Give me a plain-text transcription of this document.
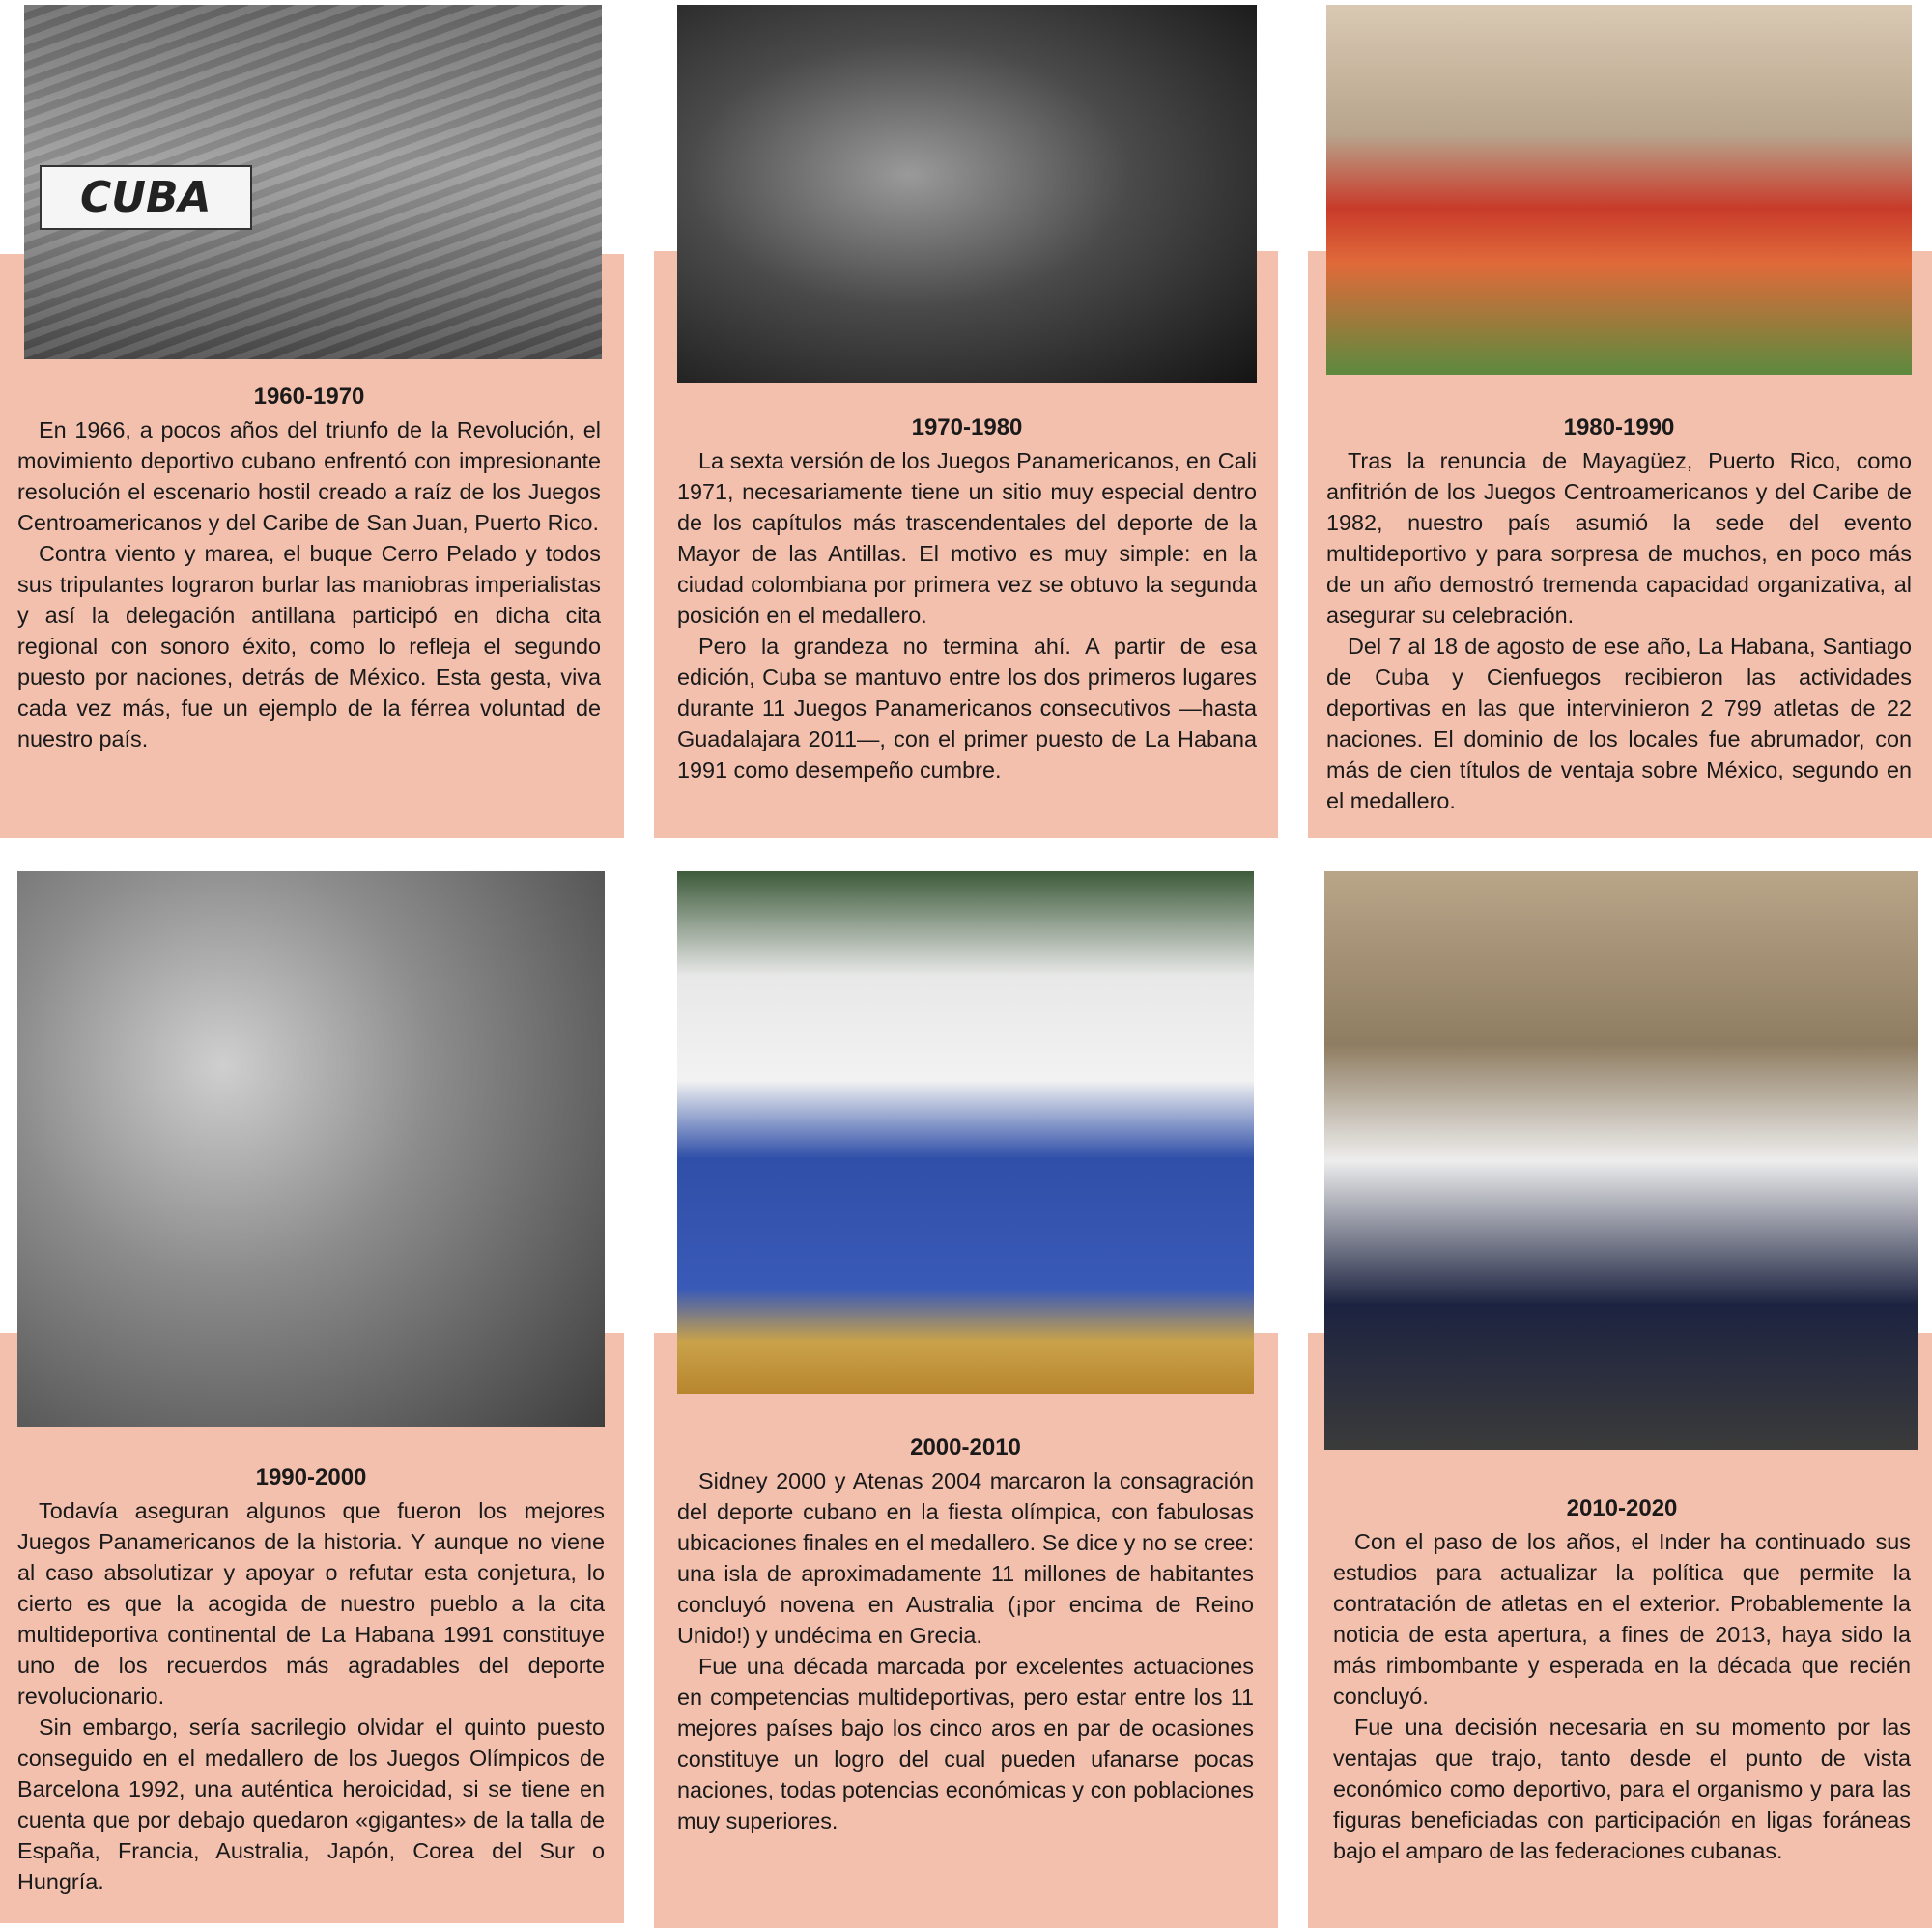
CUBA
1960-1970

En 1966, a pocos años del triunfo de la Revolución, el movimiento deportivo cubano enfrentó con impresionante resolución el escenario hostil creado a raíz de los Juegos Centroamericanos y del Caribe de San Juan, Puerto Rico.

Contra viento y marea, el buque Cerro Pelado y todos sus tripulantes lograron burlar las maniobras imperialistas y así la delegación antillana participó en dicha cita regional con sonoro éxito, como lo refleja el segundo puesto por naciones, detrás de México. Esta gesta, viva cada vez más, fue un ejemplo de la férrea voluntad de nuestro país.

1970-1980

La sexta versión de los Juegos Panamericanos, en Cali 1971, necesariamente tiene un sitio muy especial dentro de los capítulos más trascendentales del deporte de la Mayor de las Antillas. El motivo es muy simple: en la ciudad colombiana por primera vez se obtuvo la segunda posición en el medallero.

Pero la grandeza no termina ahí. A partir de esa edición, Cuba se mantuvo entre los dos primeros lugares durante 11 Juegos Panamericanos consecutivos —hasta Guadalajara 2011—, con el primer puesto de La Habana 1991 como desempeño cumbre.

1980-1990

Tras la renuncia de Mayagüez, Puerto Rico, como anfitrión de los Juegos Centroamericanos y del Caribe de 1982, nuestro país asumió la sede del evento multideportivo y para sorpresa de muchos, en poco más de un año demostró tremenda capacidad organizativa, al asegurar su celebración.

Del 7 al 18 de agosto de ese año, La Habana, Santiago de Cuba y Cienfuegos recibieron las actividades deportivas en las que intervinieron 2 799 atletas de 22 naciones. El dominio de los locales fue abrumador, con más de cien títulos de ventaja sobre México, segundo en el medallero.

1990-2000

Todavía aseguran algunos que fueron los mejores Juegos Panamericanos de la historia. Y aunque no viene al caso absolutizar y apoyar o refutar esta conjetura, lo cierto es que la acogida de nuestro pueblo a la cita multideportiva continental de La Habana 1991 constituye uno de los recuerdos más agradables del deporte revolucionario.

Sin embargo, sería sacrilegio olvidar el quinto puesto conseguido en el medallero de los Juegos Olímpicos de Barcelona 1992, una auténtica heroicidad, si se tiene en cuenta que por debajo quedaron «gigantes» de la talla de España, Francia, Australia, Japón, Corea del Sur o Hungría.

2000-2010

Sidney 2000 y Atenas 2004 marcaron la consagración del deporte cubano en la fiesta olímpica, con fabulosas ubicaciones finales en el medallero. Se dice y no se cree: una isla de aproximadamente 11 millones de habitantes concluyó novena en Australia (¡por encima de Reino Unido!) y undécima en Grecia.

Fue una década marcada por excelentes actuaciones en competencias multideportivas, pero estar entre los 11 mejores países bajo los cinco aros en par de ocasiones constituye un logro del cual pueden ufanarse pocas naciones, todas potencias económicas y con poblaciones muy superiores.

2010-2020

Con el paso de los años, el Inder ha continuado sus estudios para actualizar la política que permite la contratación de atletas en el exterior. Probablemente la noticia de esta apertura, a fines de 2013, haya sido la más rimbombante y esperada en la década que recién concluyó.

Fue una decisión necesaria en su momento por las ventajas que trajo, tanto desde el punto de vista económico como deportivo, para el organismo y para las figuras beneficiadas con participación en ligas foráneas bajo el amparo de las federaciones cubanas.
